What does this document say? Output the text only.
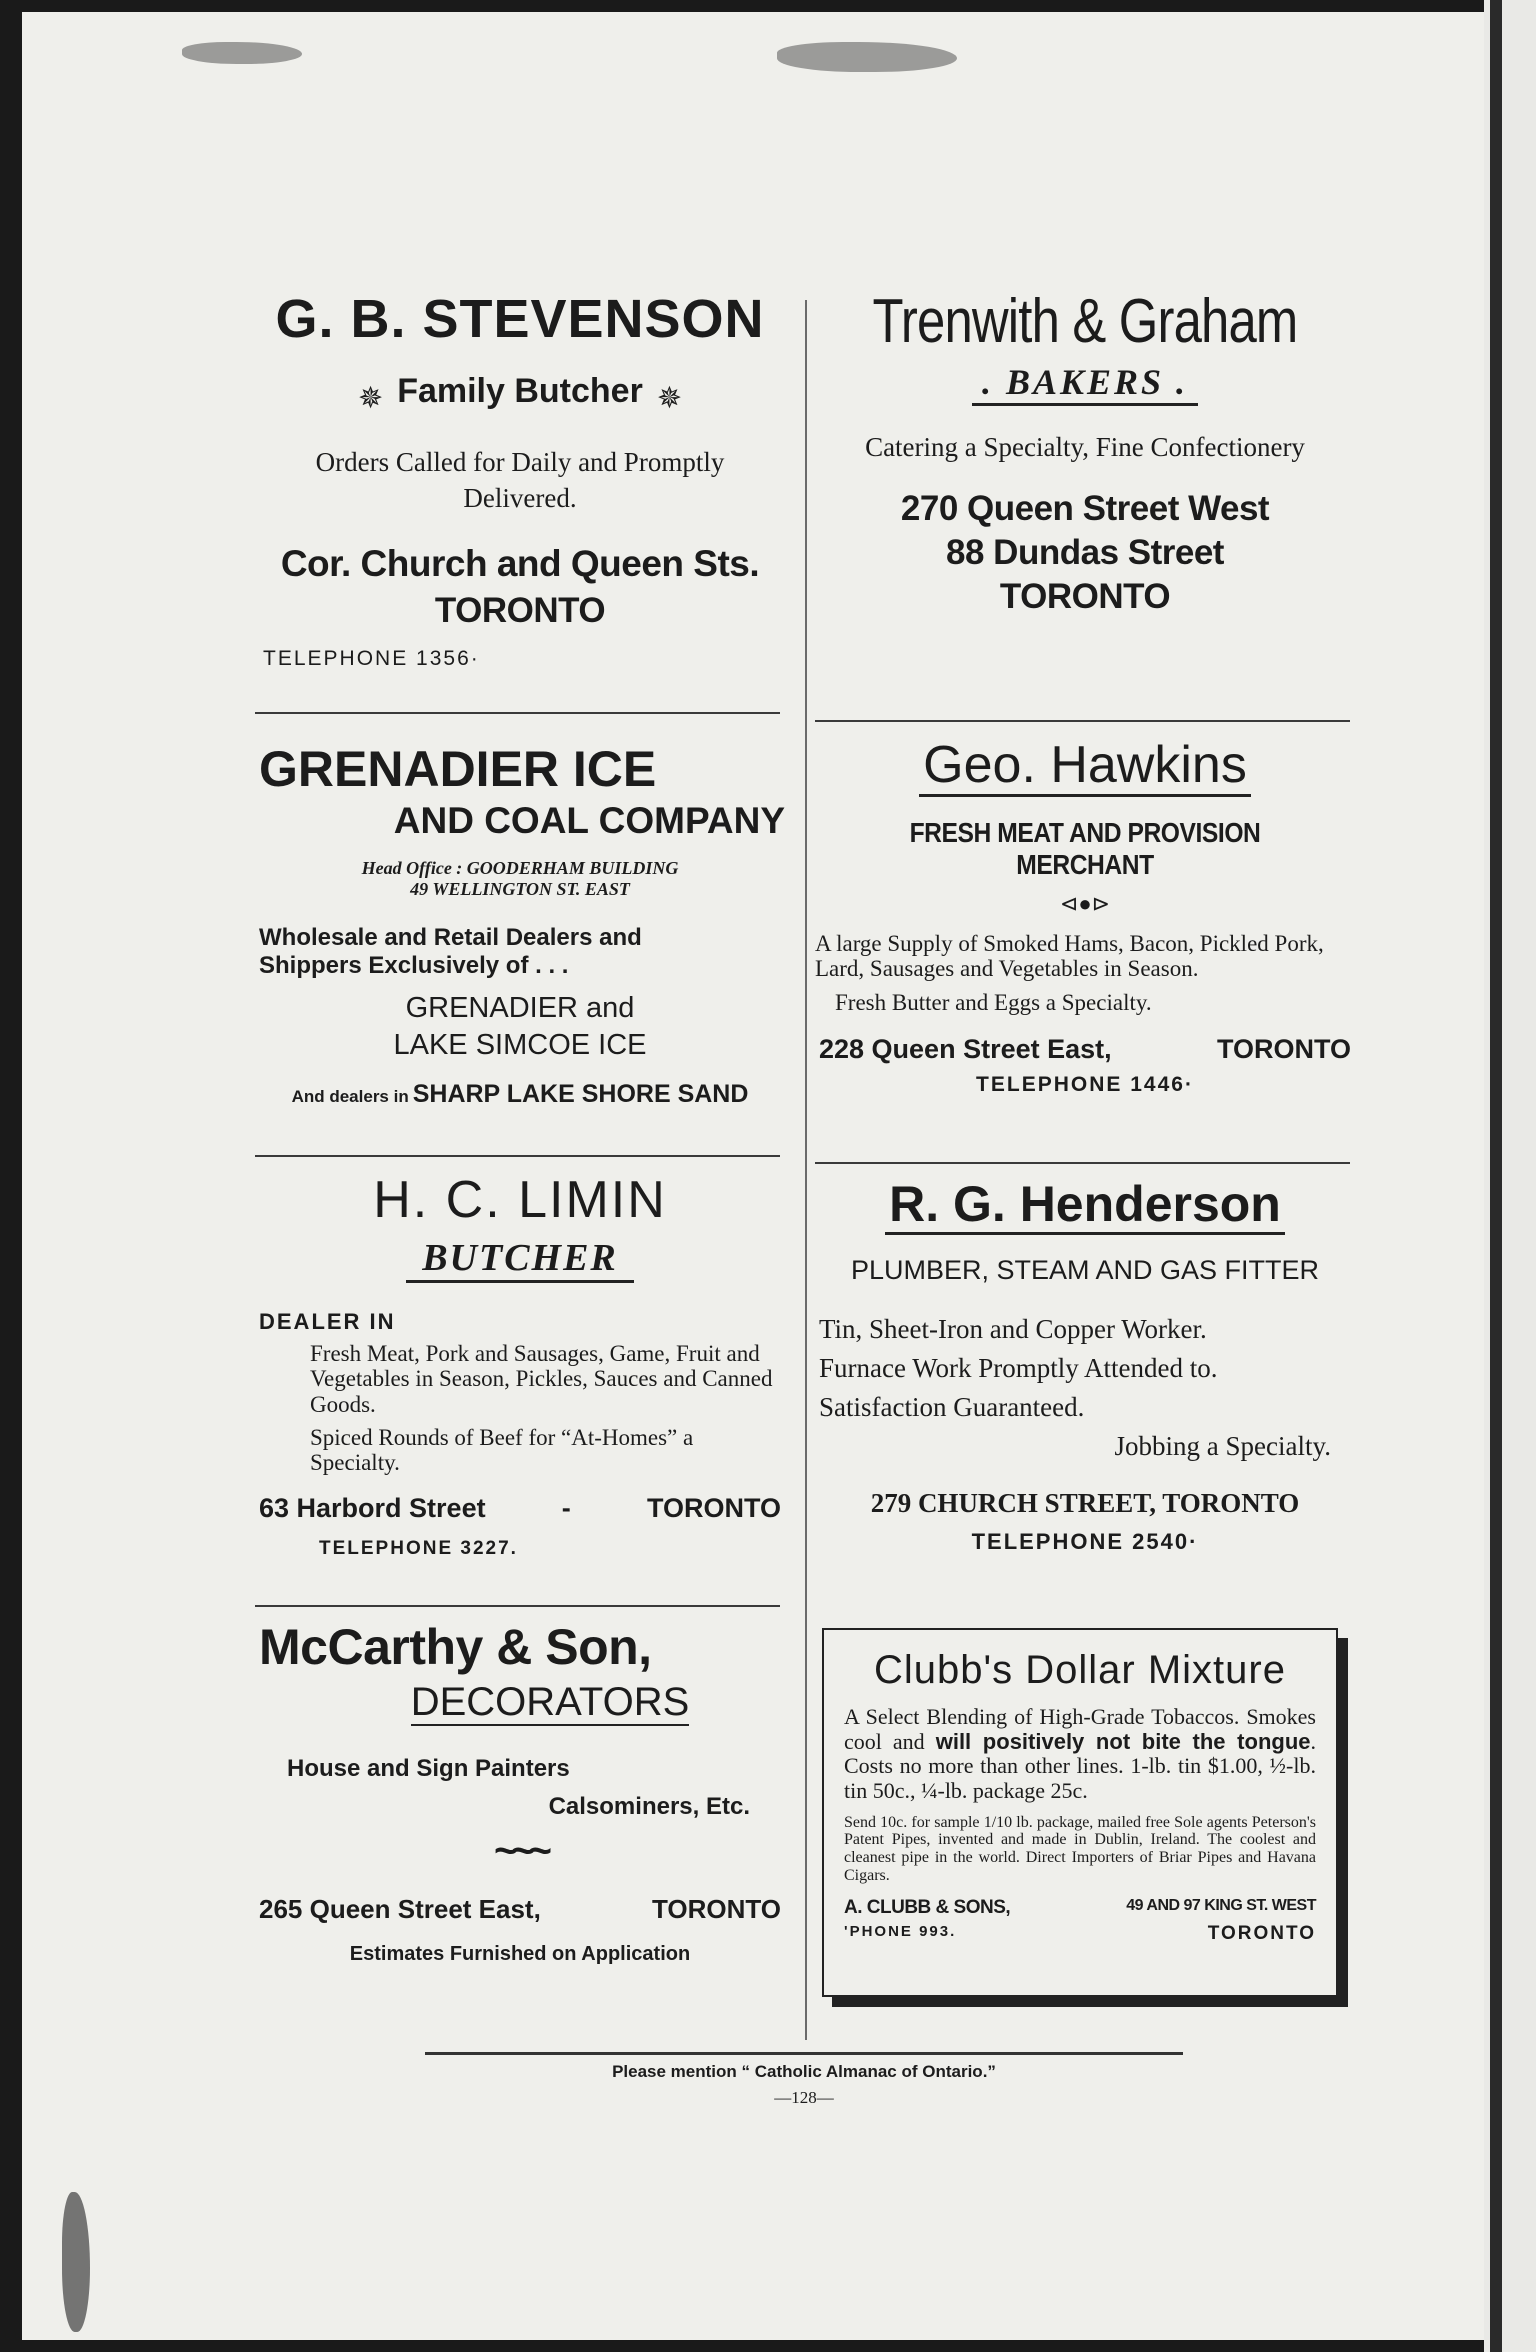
G. B. STEVENSON

✵ Family Butcher ✵

Orders Called for Daily and Promptly Delivered.

Cor. Church and Queen Sts.

TORONTO

TELEPHONE 1356·

GRENADIER ICE

AND COAL COMPANY

Head Office : GOODERHAM BUILDING

49 WELLINGTON ST. EAST

Wholesale and Retail Dealers and

Shippers Exclusively of . . .

GRENADIER and

LAKE SIMCOE ICE

And dealers in SHARP LAKE SHORE SAND

H. C. LIMIN

BUTCHER

DEALER IN

Fresh Meat, Pork and Sausages, Game, Fruit and Vegetables in Season, Pickles, Sauces and Canned Goods.

Spiced Rounds of Beef for “At-Homes” a Specialty.

63 Harbord Street	-	TORONTO

TELEPHONE 3227.

McCarthy & Son,

DECORATORS

House and Sign Painters

Calsominers, Etc.

~~~

265 Queen Street East,	TORONTO

Estimates Furnished on Application

Trenwith & Graham

. BAKERS .

Catering a Specialty, Fine Confectionery

270 Queen Street West

88 Dundas Street

TORONTO

Geo. Hawkins

FRESH MEAT AND PROVISION MERCHANT

⊲●⊳

A large Supply of Smoked Hams, Bacon, Pickled Pork, Lard, Sausages and Vegetables in Season.

Fresh Butter and Eggs a Specialty.

228 Queen Street East,	TORONTO

TELEPHONE 1446·

R. G. Henderson

PLUMBER, STEAM AND GAS FITTER

Tin, Sheet-Iron and Copper Worker.

Furnace Work Promptly Attended to.

Satisfaction Guaranteed.

Jobbing a Specialty.

279 CHURCH STREET, TORONTO

TELEPHONE 2540·

Clubb's Dollar Mixture

A Select Blending of High-Grade Tobaccos. Smokes cool and will positively not bite the tongue. Costs no more than other lines. 1-lb. tin $1.00, ½-lb. tin 50c., ¼-lb. package 25c.

Send 10c. for sample 1/10 lb. package, mailed free Sole agents Peterson's Patent Pipes, invented and made in Dublin, Ireland. The coolest and cleanest pipe in the world. Direct Importers of Briar Pipes and Havana Cigars.

A. CLUBB & SONS,	49 AND 97 KING ST. WEST

'PHONE 993.	TORONTO

Please mention “ Catholic Almanac of Ontario.”

—128—
